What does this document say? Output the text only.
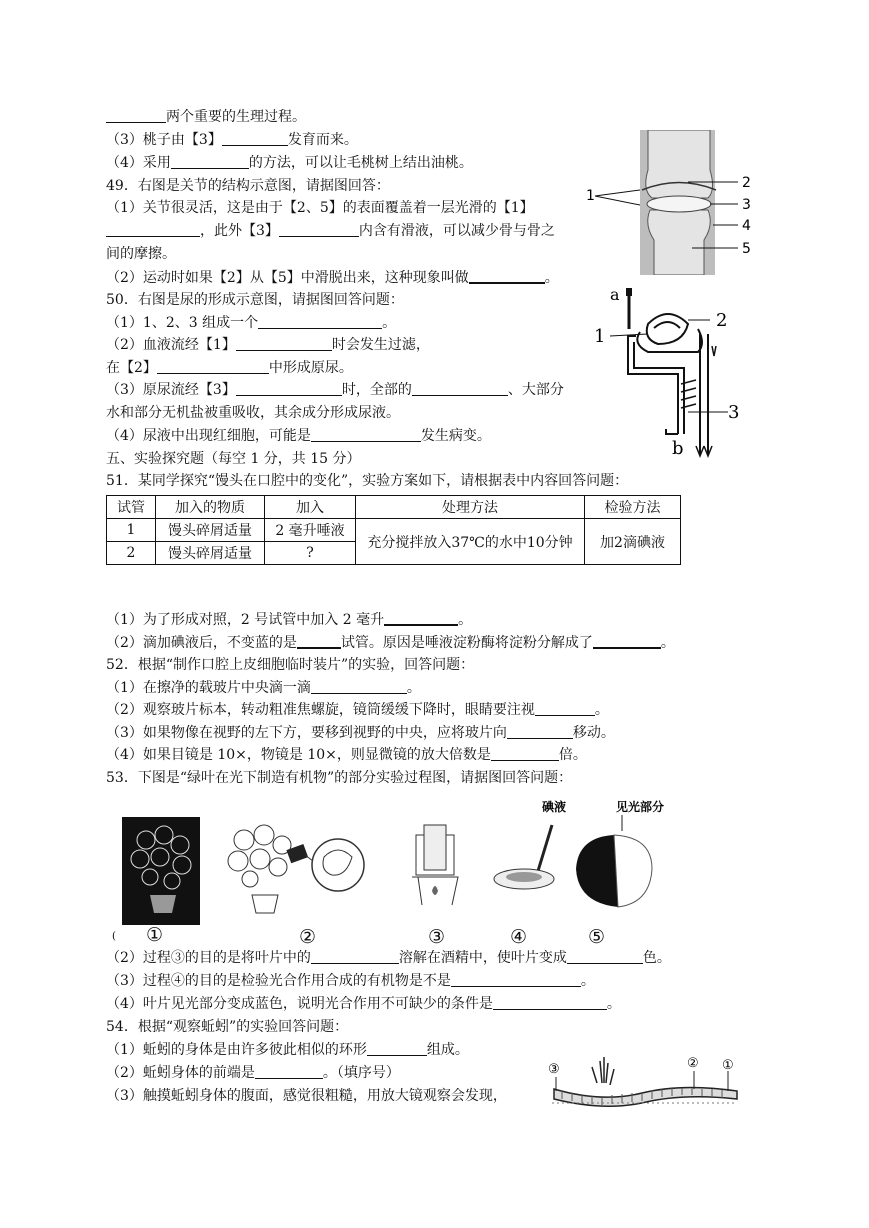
两个重要的生理过程。
（3）桃子由【3】	发育而来。
（4）采用	的方法，可以让毛桃树上结出油桃。
49．右图是关节的结构示意图，请据图回答：
（1）关节很灵活，这是由于【2、5】的表面覆盖着一层光滑的【1】
，此外【3】	内含有滑液，可以减少骨与骨之
间的摩擦。
（2）运动时如果【2】从【5】中滑脱出来，这种现象叫做	。
50．右图是尿的形成示意图，请据图回答问题：
（1）1、2、3 组成一个	。
（2）血液流经【1】	时会发生过滤，
在【2】	中形成原尿。
（3）原尿流经【3】	时，全部的	、大部分
水和部分无机盐被重吸收，其余成分形成尿液。
（4）尿液中出现红细胞，可能是	发生病变。
五、实验探究题（每空 1 分，共 15 分）
51．某同学探究“馒头在口腔中的变化”，实验方案如下，请根据表中内容回答问题：
试管	加入的物质	加入	处理方法	检验方法
1	馒头碎屑适量	2 毫升唾液	充分搅拌放入37℃的水中10分钟	加2滴碘液
2	馒头碎屑适量	?		
（1）为了形成对照，2 号试管中加入 2 毫升	。
（2）滴加碘液后，不变蓝的是	试管。原因是唾液淀粉酶将淀粉分解成了	。
52．根据“制作口腔上皮细胞临时装片”的实验，回答问题：
（1）在擦净的载玻片中央滴一滴	。
（2）观察玻片标本，转动粗准焦螺旋，镜筒缓缓下降时，眼睛要注视	。
（3）如果物像在视野的左下方，要移到视野的中央，应将玻片向	移动。
（4）如果目镜是 10×，物镜是 10×，则显微镜的放大倍数是	倍。
53．下图是“绿叶在光下制造有机物”的部分实验过程图，请据图回答问题：
（2）过程③的目的是将叶片中的	溶解在酒精中，使叶片变成	色。
（3）过程④的目的是检验光合作用合成的有机物是不是	。
（4）叶片见光部分变成蓝色，说明光合作用不可缺少的条件是	。
54．根据“观察蚯蚓”的实验回答问题：
（1）蚯蚓的身体是由许多彼此相似的环形	组成。
（2）蚯蚓身体的前端是	。（填序号）
（3）触摸蚯蚓身体的腹面，感觉很粗糙，用放大镜观察会发现，
1
2
3
4
5
a
1
2
3
b
碘液	见光部分
( ①	②	③	④	⑤
③	② ①
